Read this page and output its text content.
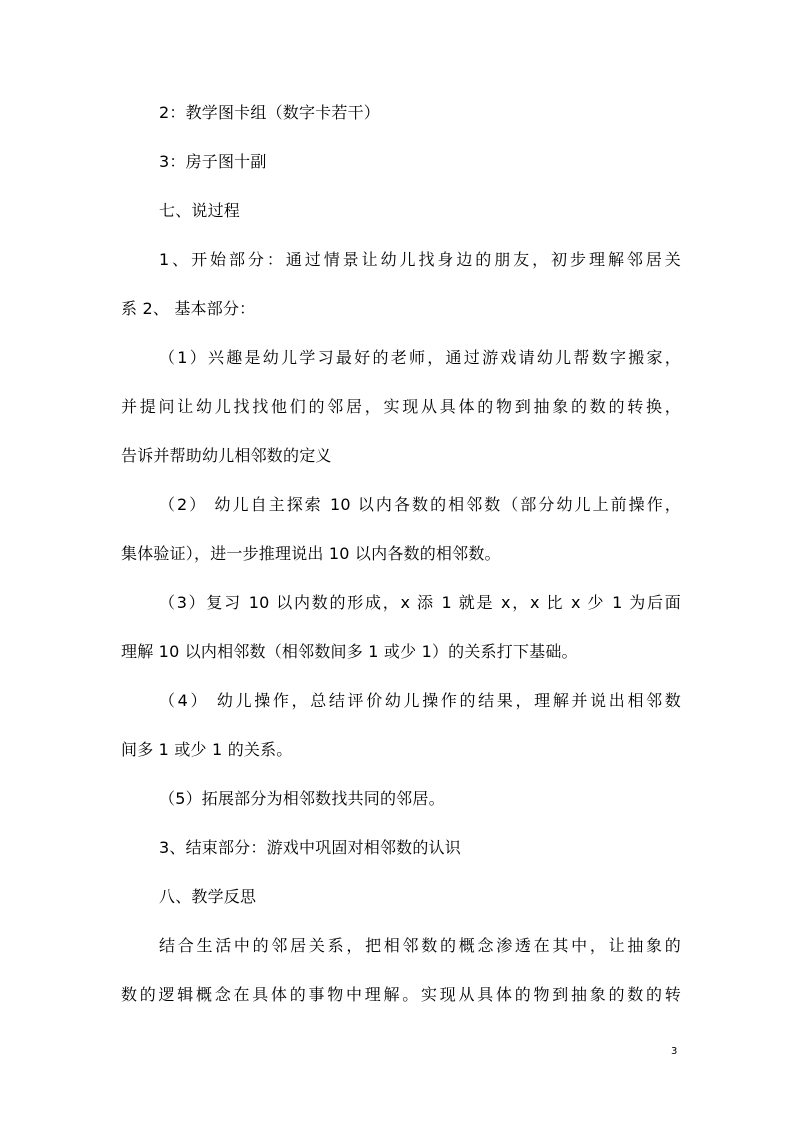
2：教学图卡组（数字卡若干）

3：房子图十副

七、说过程

1、开始部分：通过情景让幼儿找身边的朋友，初步理解邻居关

系 2、 基本部分：

（1）兴趣是幼儿学习最好的老师，通过游戏请幼儿帮数字搬家，

并提问让幼儿找找他们的邻居，实现从具体的物到抽象的数的转换，

告诉并帮助幼儿相邻数的定义

（2） 幼儿自主探索 10 以内各数的相邻数（部分幼儿上前操作，

集体验证），进一步推理说出 10 以内各数的相邻数。

（3）复习 10 以内数的形成，x 添 1 就是 x，x 比 x 少 1 为后面

理解 10 以内相邻数（相邻数间多 1 或少 1）的关系打下基础。

（4） 幼儿操作，总结评价幼儿操作的结果，理解并说出相邻数

间多 1 或少 1 的关系。

（5）拓展部分为相邻数找共同的邻居。

3、结束部分：游戏中巩固对相邻数的认识

八、教学反思

结合生活中的邻居关系，把相邻数的概念渗透在其中，让抽象的

数的逻辑概念在具体的事物中理解。实现从具体的物到抽象的数的转

3
